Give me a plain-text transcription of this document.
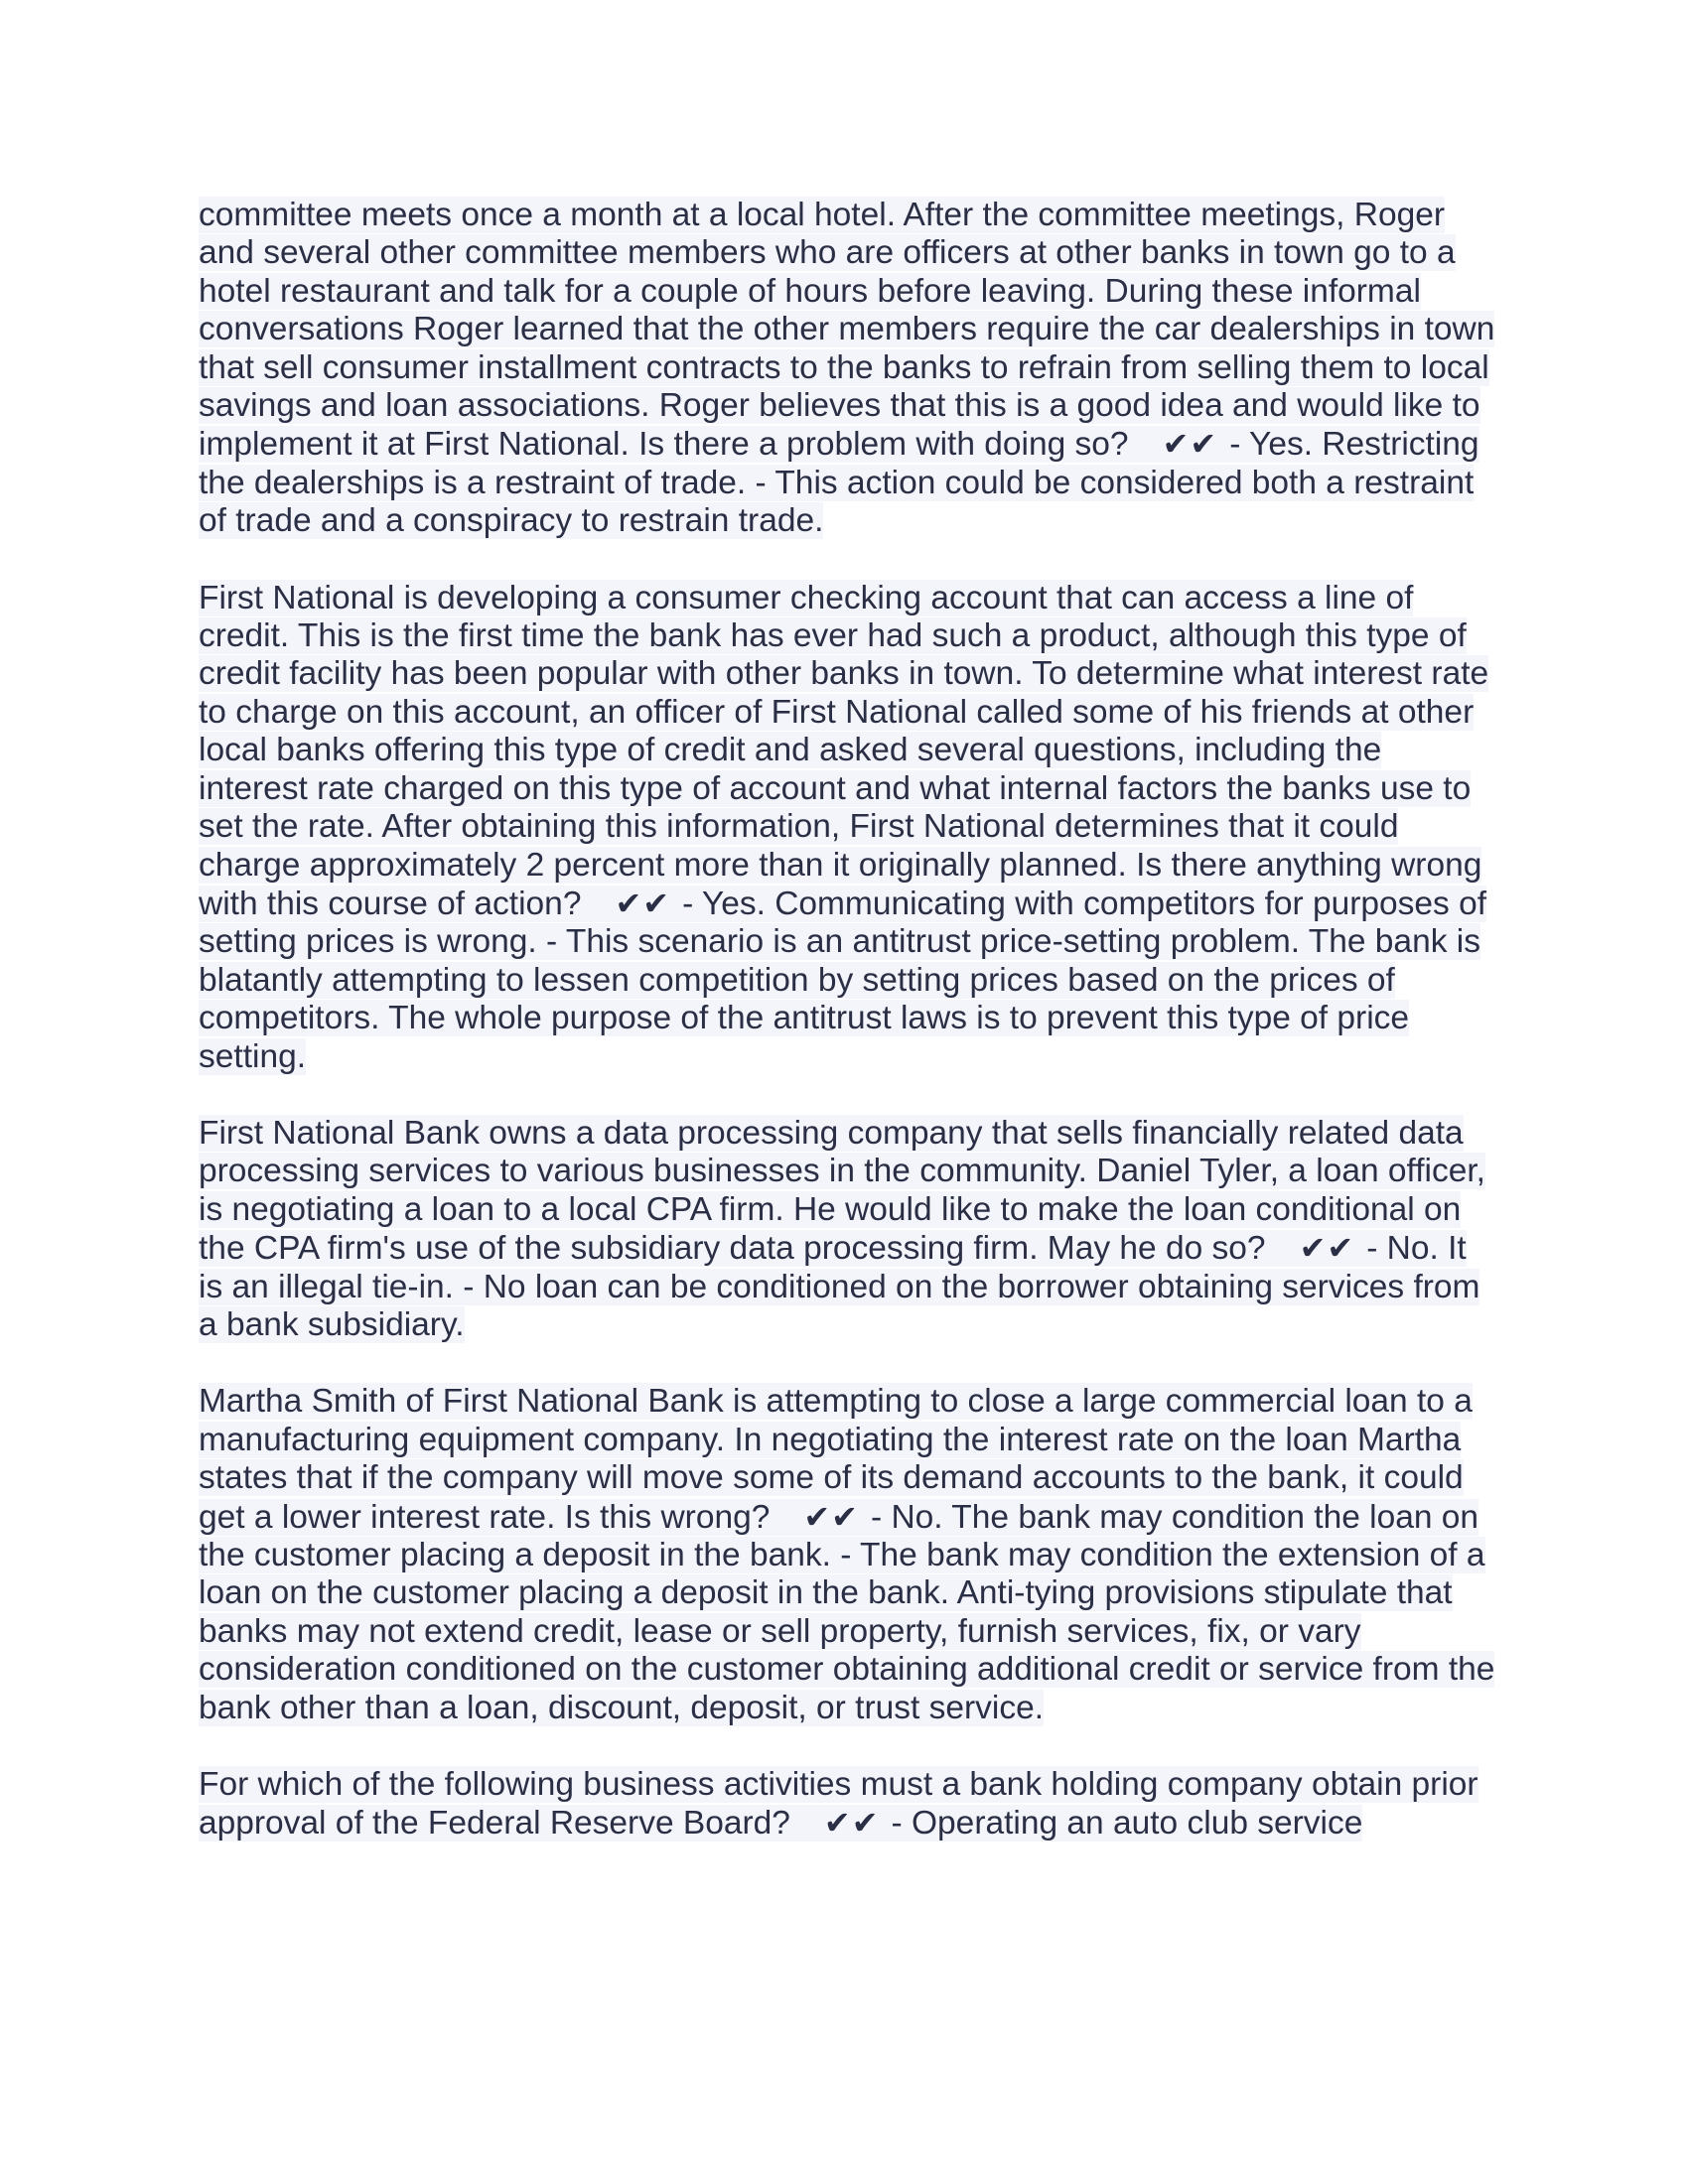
committee meets once a month at a local hotel. After the committee meetings, Roger and several other committee members who are officers at other banks in town go to a hotel restaurant and talk for a couple of hours before leaving. During these informal conversations Roger learned that the other members require the car dealerships in town that sell consumer installment contracts to the banks to refrain from selling them to local savings and loan associations. Roger believes that this is a good idea and would like to implement it at First National. Is there a problem with doing so? ✔✔ - Yes. Restricting the dealerships is a restraint of trade. - This action could be considered both a restraint of trade and a conspiracy to restrain trade.

First National is developing a consumer checking account that can access a line of credit. This is the first time the bank has ever had such a product, although this type of credit facility has been popular with other banks in town. To determine what interest rate to charge on this account, an officer of First National called some of his friends at other local banks offering this type of credit and asked several questions, including the interest rate charged on this type of account and what internal factors the banks use to set the rate. After obtaining this information, First National determines that it could charge approximately 2 percent more than it originally planned. Is there anything wrong with this course of action? ✔✔ - Yes. Communicating with competitors for purposes of setting prices is wrong. - This scenario is an antitrust price-setting problem. The bank is blatantly attempting to lessen competition by setting prices based on the prices of competitors. The whole purpose of the antitrust laws is to prevent this type of price setting.

First National Bank owns a data processing company that sells financially related data processing services to various businesses in the community. Daniel Tyler, a loan officer, is negotiating a loan to a local CPA firm. He would like to make the loan conditional on the CPA firm's use of the subsidiary data processing firm. May he do so? ✔✔ - No. It is an illegal tie-in. - No loan can be conditioned on the borrower obtaining services from a bank subsidiary.

Martha Smith of First National Bank is attempting to close a large commercial loan to a manufacturing equipment company. In negotiating the interest rate on the loan Martha states that if the company will move some of its demand accounts to the bank, it could get a lower interest rate. Is this wrong? ✔✔ - No. The bank may condition the loan on the customer placing a deposit in the bank. - The bank may condition the extension of a loan on the customer placing a deposit in the bank. Anti-tying provisions stipulate that banks may not extend credit, lease or sell property, furnish services, fix, or vary consideration conditioned on the customer obtaining additional credit or service from the bank other than a loan, discount, deposit, or trust service.

For which of the following business activities must a bank holding company obtain prior approval of the Federal Reserve Board? ✔✔ - Operating an auto club service
